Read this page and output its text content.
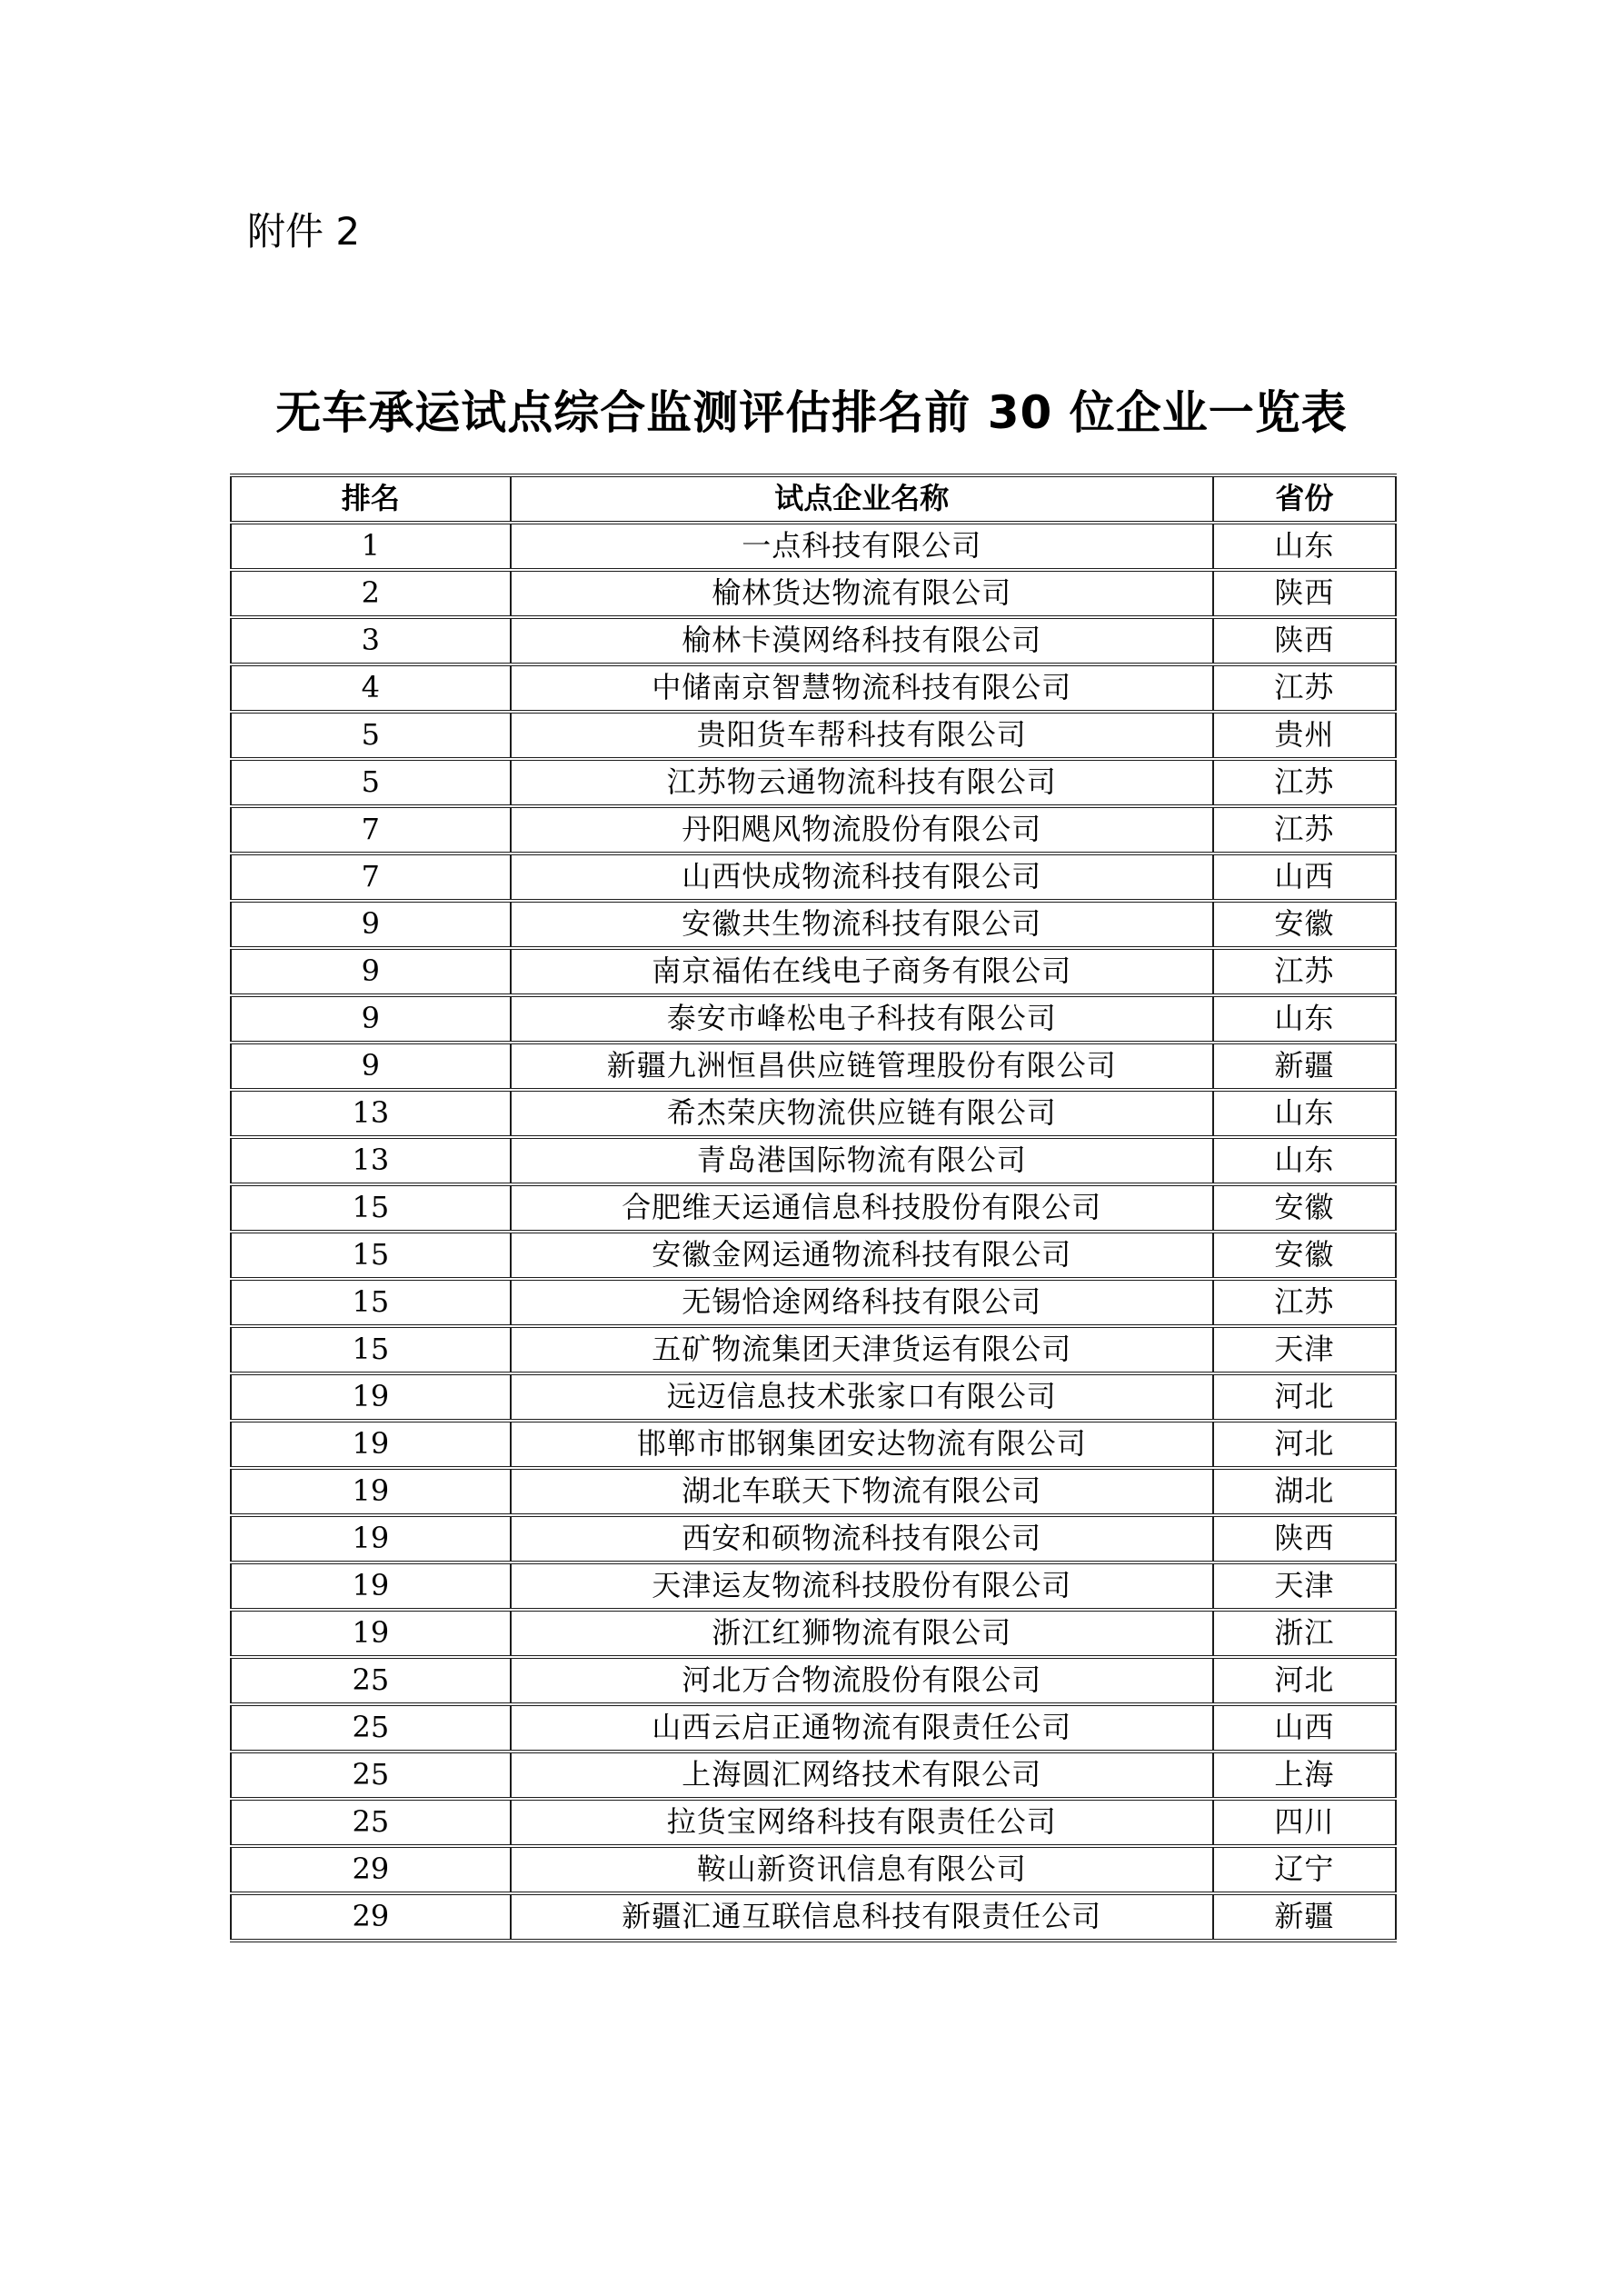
附件 2
无车承运试点综合监测评估排名前 30 位企业一览表
排名	试点企业名称	省份
1	一点科技有限公司	山东
2	榆林货达物流有限公司	陕西
3	榆林卡漠网络科技有限公司	陕西
4	中储南京智慧物流科技有限公司	江苏
5	贵阳货车帮科技有限公司	贵州
5	江苏物云通物流科技有限公司	江苏
7	丹阳飓风物流股份有限公司	江苏
7	山西快成物流科技有限公司	山西
9	安徽共生物流科技有限公司	安徽
9	南京福佑在线电子商务有限公司	江苏
9	泰安市峰松电子科技有限公司	山东
9	新疆九洲恒昌供应链管理股份有限公司	新疆
13	希杰荣庆物流供应链有限公司	山东
13	青岛港国际物流有限公司	山东
15	合肥维天运通信息科技股份有限公司	安徽
15	安徽金网运通物流科技有限公司	安徽
15	无锡恰途网络科技有限公司	江苏
15	五矿物流集团天津货运有限公司	天津
19	远迈信息技术张家口有限公司	河北
19	邯郸市邯钢集团安达物流有限公司	河北
19	湖北车联天下物流有限公司	湖北
19	西安和硕物流科技有限公司	陕西
19	天津运友物流科技股份有限公司	天津
19	浙江红狮物流有限公司	浙江
25	河北万合物流股份有限公司	河北
25	山西云启正通物流有限责任公司	山西
25	上海圆汇网络技术有限公司	上海
25	拉货宝网络科技有限责任公司	四川
29	鞍山新资讯信息有限公司	辽宁
29	新疆汇通互联信息科技有限责任公司	新疆
